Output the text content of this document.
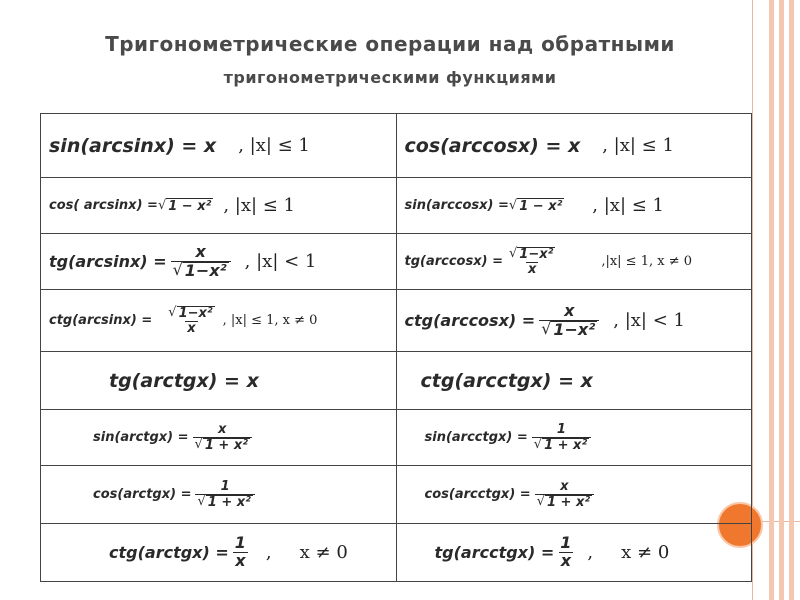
Тригонометрические операции над обратными
тригонометрическими функциями
sin(arcsinx) = x , |x| ≤ 1	cos(arccosx) = x , |x| ≤ 1

cos( arcsinx) = √ 1 − x² , |x| ≤ 1	sin(arccosx) = √ 1 − x² , |x| ≤ 1

$tg(\arcsin x) = \frac{x}{\text{√ 1−x²}}$ , |x| < 1	$tg(\arccos x) = \frac{\text{√ 1−x²}}{x} ,|x| \le 1$, x ≠ 0

$ctg(\arcsin x) = \frac{\text{√ 1−x²}}{x}$ , |x| ≤ 1, x ≠ 0	$ctg(\arccos x) = \frac{x}{\text{√ 1−x²}}$ , |x| < 1

tg(arctgx) = x	ctg(arcctgx) = x

sin(arctgx) = $\frac{x}{\text{√ 1 + x²}}$	sin(arcctgx) = $\frac{1}{\text{√ 1 + x²}}$

cos(arctgx) = $\frac{1}{\text{√ 1 + x²}}$	cos(arcctgx) = $\frac{x}{\text{√ 1 + x²}}$

ctg(arctgx) = $\frac{1}{x}$ , x ≠ 0	tg(arcctgx) = $\frac{1}{x}$ , x ≠ 0
